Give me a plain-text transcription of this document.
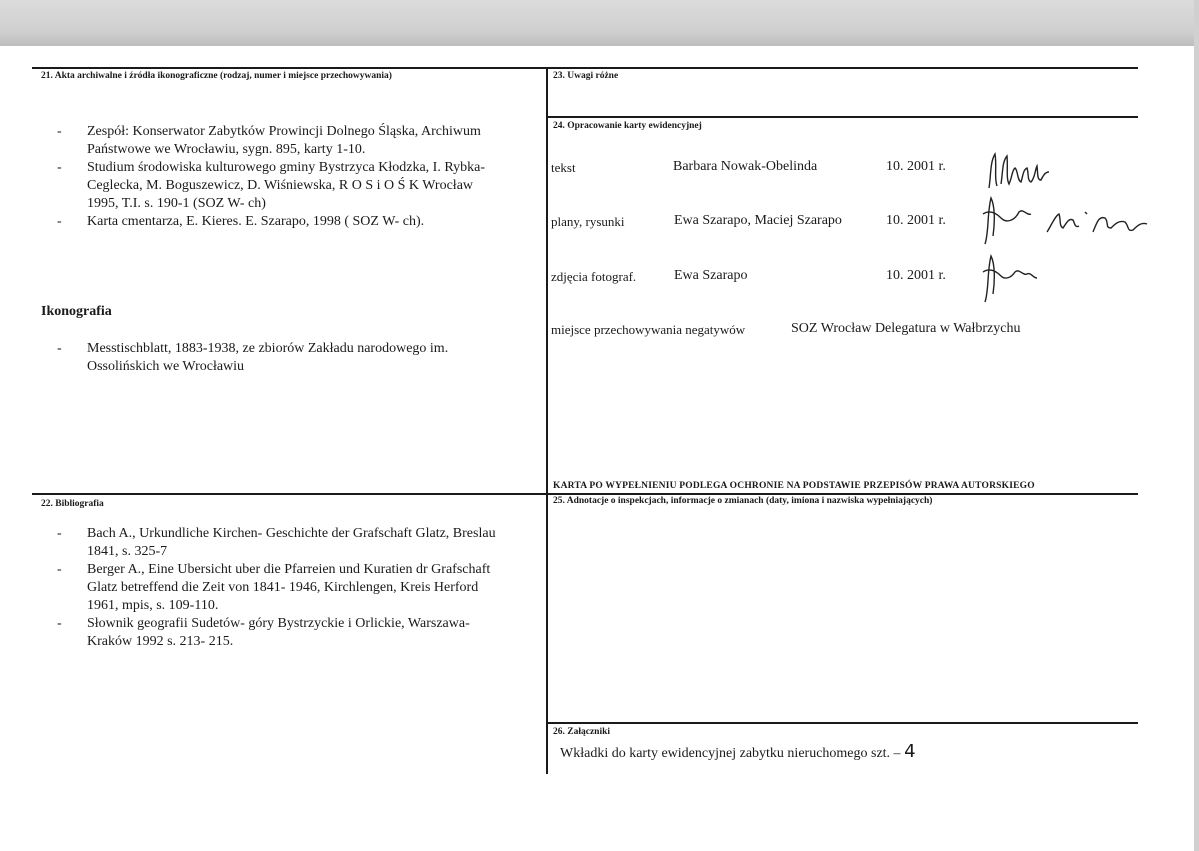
21. Akta archiwalne i źródła ikonograficzne (rodzaj, numer i miejsce przechowywania)
- Zespół: Konserwator Zabytków Prowincji Dolnego Śląska, Archiwum
Państwowe we Wrocławiu, sygn. 895, karty 1-10.
- Studium środowiska kulturowego gminy Bystrzyca Kłodzka, I. Rybka-
Ceglecka, M. Boguszewicz, D. Wiśniewska, R O S i O Ś K Wrocław
1995, T.I. s. 190-1 (SOZ W- ch)
- Karta cmentarza, E. Kieres. E. Szarapo, 1998 ( SOZ W- ch).
Ikonografia
- Messtischblatt, 1883-1938, ze zbiorów Zakładu narodowego im.
Ossolińskich we Wrocławiu
22. Bibliografia
- Bach A., Urkundliche Kirchen- Geschichte der Grafschaft Glatz, Breslau
1841, s. 325-7
- Berger A., Eine Ubersicht uber die Pfarreien und Kuratien dr Grafschaft
Glatz betreffend die Zeit von 1841- 1946, Kirchlengen, Kreis Herford
1961, mpis, s. 109-110.
- Słownik geografii Sudetów- góry Bystrzyckie i Orlickie, Warszawa-
Kraków 1992 s. 213- 215.
23. Uwagi różne
24. Opracowanie karty ewidencyjnej
tekst	Barbara Nowak-Obelinda	10. 2001 r.
plany, rysunki	Ewa Szarapo, Maciej Szarapo	10. 2001 r.
zdjęcia fotograf.	Ewa Szarapo	10. 2001 r.
miejsce przechowywania negatywów	SOZ Wrocław Delegatura w Wałbrzychu
KARTA PO WYPEŁNIENIU PODLEGA OCHRONIE NA PODSTAWIE PRZEPISÓW PRAWA AUTORSKIEGO
25. Adnotacje o inspekcjach, informacje o zmianach (daty, imiona i nazwiska wypełniających)
26. Załączniki
Wkładki do karty ewidencyjnej zabytku nieruchomego szt. – 4
